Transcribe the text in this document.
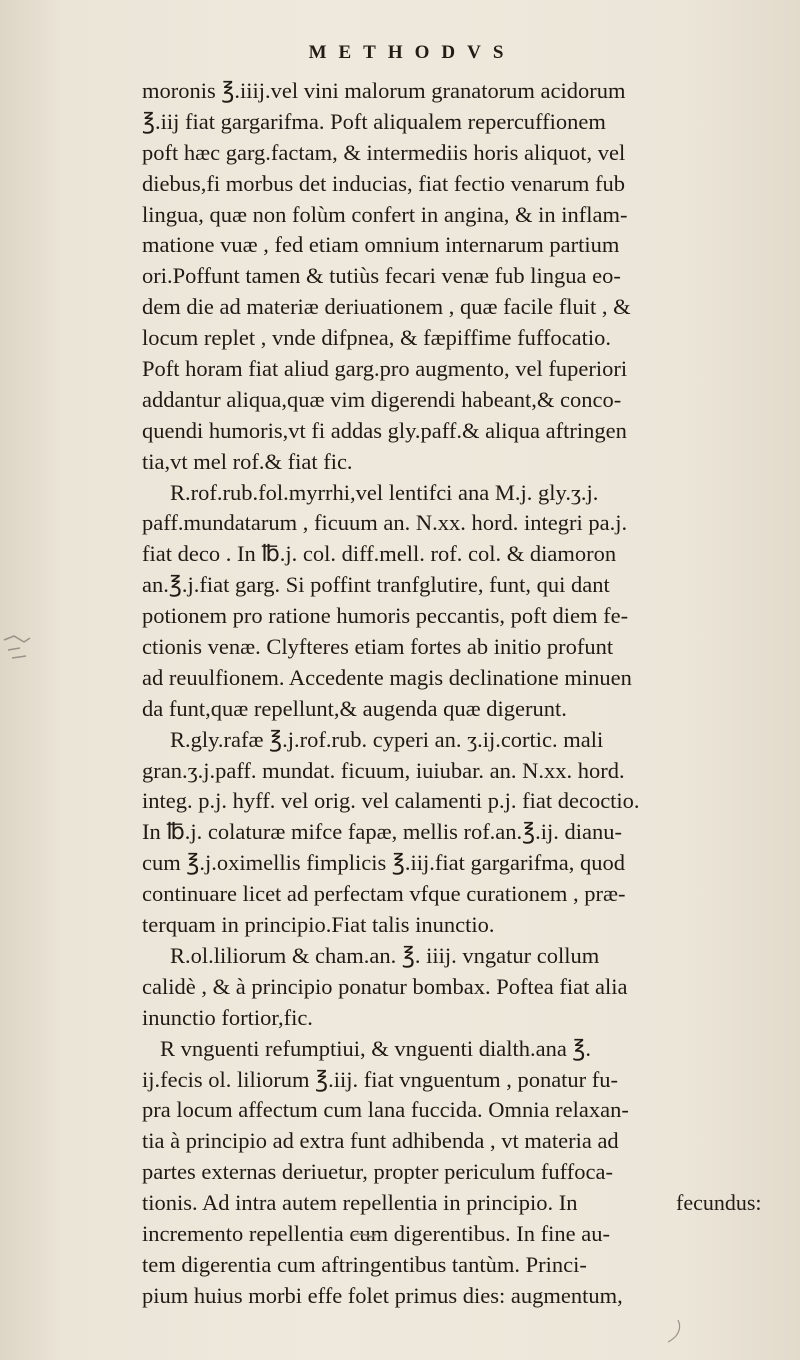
METHODVS
moronis ℥.iiij.vel vini malorum granatorum acidorum
℥.iij fiat gargarifma. Poft aliqualem repercuffionem
poft hæc garg.factam, & intermediis horis aliquot, vel
diebus,fi morbus det inducias, fiat fectio venarum fub
lingua, quæ non folùm confert in angina, & in inflam-
matione vuæ , fed etiam omnium internarum partium
ori.Poffunt tamen & tutiùs fecari venæ fub lingua eo-
dem die ad materiæ deriuationem , quæ facile fluit , &
locum replet , vnde difpnea, & fæpiffime fuffocatio.
Poft horam fiat aliud garg.pro augmento, vel fuperiori
addantur aliqua,quæ vim digerendi habeant,& conco-
quendi humoris,vt fi addas gly.paff.& aliqua aftringen
tia,vt mel rof.& fiat fic.
R.rof.rub.fol.myrrhi,vel lentifci ana M.j. gly.ʒ.j.
paff.mundatarum , ficuum an. N.xx. hord. integri pa.j.
fiat deco . In ℔.j. col. diff.mell. rof. col. & diamoron
an.℥.j.fiat garg. Si poffint tranfglutire, funt, qui dant
potionem pro ratione humoris peccantis, poft diem fe-
ctionis venæ. Clyfteres etiam fortes ab initio profunt
ad reuulfionem. Accedente magis declinatione minuen
da funt,quæ repellunt,& augenda quæ digerunt.
R.gly.rafæ ℥.j.rof.rub. cyperi an. ʒ.ij.cortic. mali
gran.ʒ.j.paff. mundat. ficuum, iuiubar. an. N.xx. hord.
integ. p.j. hyff. vel orig. vel calamenti p.j. fiat decoctio.
In ℔.j. colaturæ mifce fapæ, mellis rof.an.℥.ij. dianu-
cum ℥.j.oximellis fimplicis ℥.iij.fiat gargarifma, quod
continuare licet ad perfectam vfque curationem , præ-
terquam in principio.Fiat talis inunctio.
R.ol.liliorum & cham.an. ℥. iiij. vngatur collum
calidè , & à principio ponatur bombax. Poftea fiat alia
inunctio fortior,fic.
R vnguenti refumptiui, & vnguenti dialth.ana ℥.
ij.fecis ol. liliorum ℥.iij. fiat vnguentum , ponatur fu-
pra locum affectum cum lana fuccida. Omnia relaxan-
tia à principio ad extra funt adhibenda , vt materia ad
partes externas deriuetur, propter periculum fuffoca-
tionis. Ad intra autem repellentia in principio. In
incremento repellentia cum digerentibus. In fine au-
tem digerentia cum aftringentibus tantùm. Princi-
pium huius morbi effe folet primus dies: augmentum,
fecundus:
